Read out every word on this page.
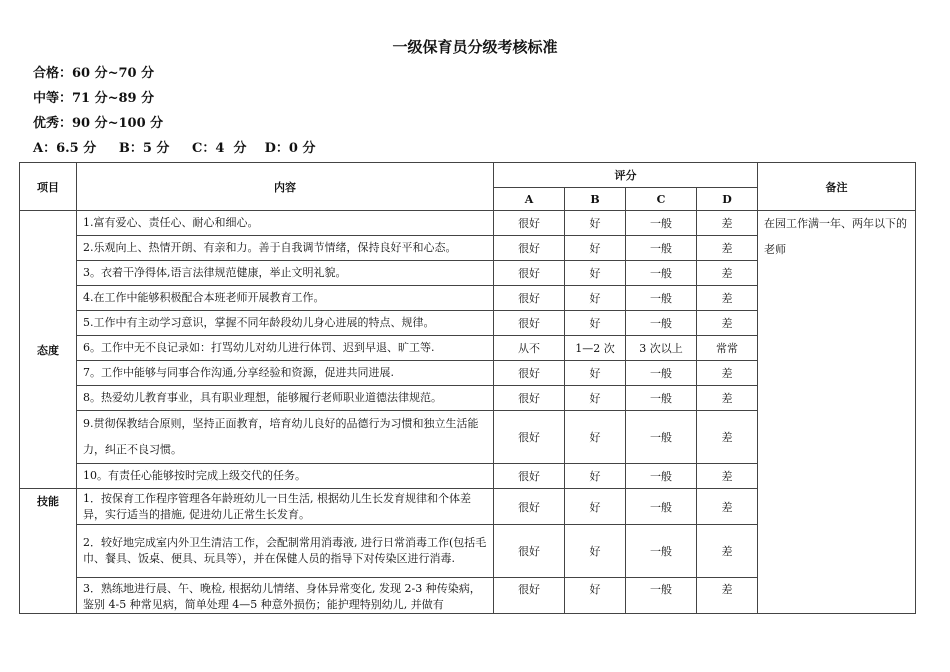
一级保育员分级考核标准
合格：60 分~70 分
中等：71 分~89 分
优秀：90 分~100 分
A：6.5 分     B：5 分     C：4  分    D：0 分
项目	内容	评分				备注
		A	B	C	D	
态度	1.富有爱心、责任心、耐心和细心。	很好	好	一般	差	在园工作满一年、两年以下的老师
	2.乐观向上、热情开朗、有亲和力。善于自我调节情绪，保持良好平和心态。	很好	好	一般	差	
	3。衣着干净得体,语言法律规范健康，举止文明礼貌。	很好	好	一般	差	
	4.在工作中能够积极配合本班老师开展教育工作。	很好	好	一般	差	
	5.工作中有主动学习意识，掌握不同年龄段幼儿身心进展的特点、规律。	很好	好	一般	差	
	6。工作中无不良记录如：打骂幼儿对幼儿进行体罚、迟到早退、旷工等.	从不	1—2 次	3 次以上	常常	
	7。工作中能够与同事合作沟通,分享经验和资源，促进共同进展.	很好	好	一般	差	
	8。热爱幼儿教育事业，具有职业理想，能够履行老师职业道德法律规范。	很好	好	一般	差	
	9.贯彻保教结合原则，坚持正面教育，培育幼儿良好的品德行为习惯和独立生活能力，纠正不良习惯。	很好	好	一般	差	
	10。有责任心能够按时完成上级交代的任务。	很好	好	一般	差	
技能	1．按保育工作程序管理各年龄班幼儿一日生活, 根据幼儿生长发育规律和个体差异，实行适当的措施, 促进幼儿正常生长发育。	很好	好	一般	差	
	2．较好地完成室内外卫生清洁工作，会配制常用消毒液, 进行日常消毒工作(包括毛巾、餐具、饭桌、便具、玩具等），并在保健人员的指导下对传染区进行消毒.	很好	好	一般	差	
	3．熟练地进行晨、午、晚检, 根据幼儿情绪、身体异常变化, 发现 2-3 种传染病，鉴别 4-5 种常见病，简单处理 4—5 种意外损伤；能护理特别幼儿, 并做有	很好	好	一般	差	
